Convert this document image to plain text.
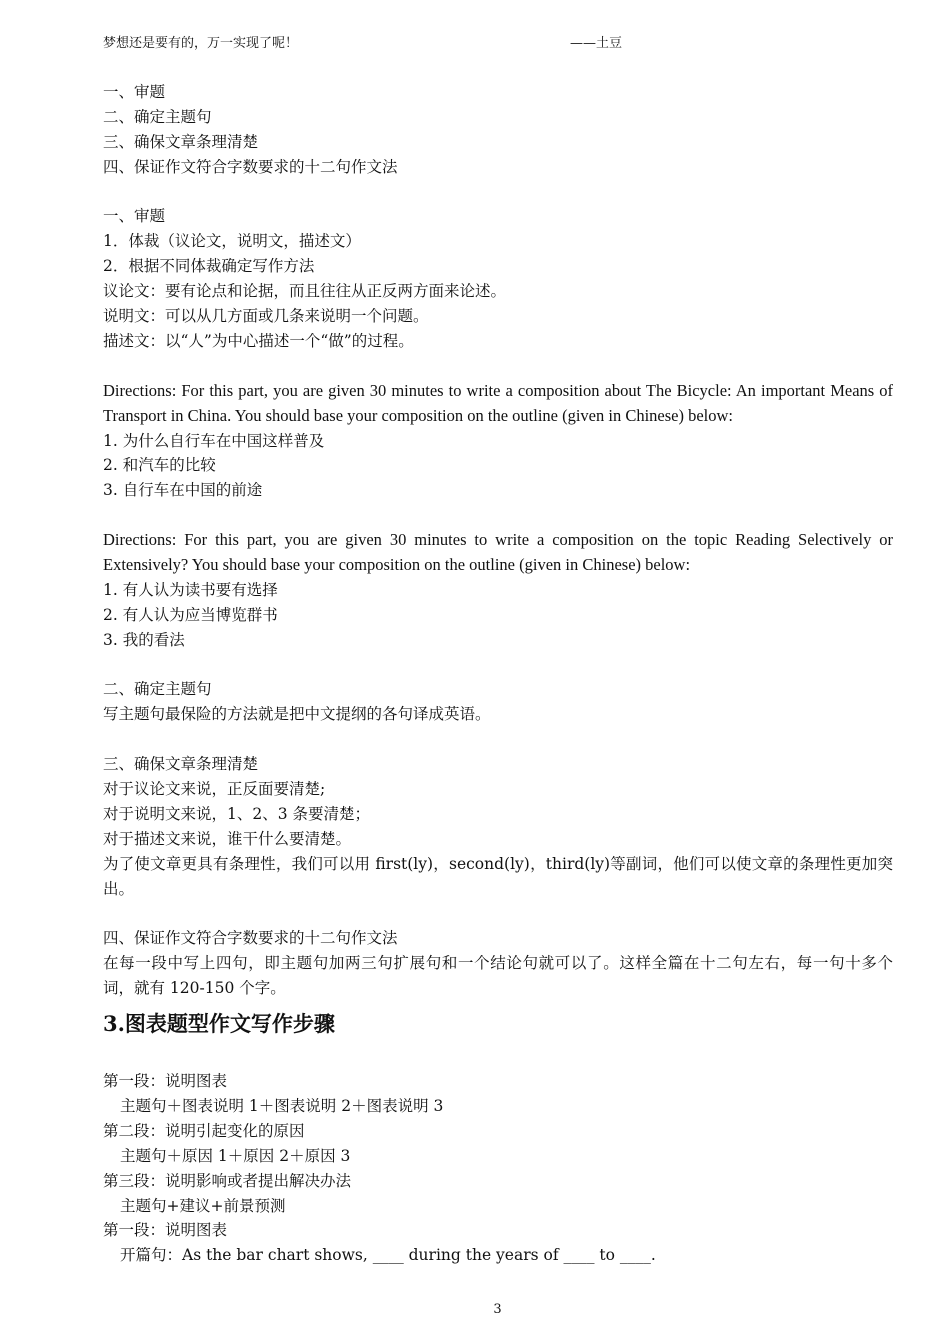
梦想还是要有的，万一实现了呢！	——土豆
一、审题
二、确定主题句
三、确保文章条理清楚
四、保证作文符合字数要求的十二句作文法
一、审题
1．体裁（议论文，说明文，描述文）
2．根据不同体裁确定写作方法
议论文：要有论点和论据，而且往往从正反两方面来论述。
说明文：可以从几方面或几条来说明一个问题。
描述文：以“人”为中心描述一个“做”的过程。
Directions: For this part, you are given 30 minutes to write a composition about The Bicycle: An important Means of Transport in China. You should base your composition on the outline (given in Chinese) below:
1. 为什么自行车在中国这样普及
2. 和汽车的比较
3. 自行车在中国的前途
Directions: For this part, you are given 30 minutes to write a composition on the topic Reading Selectively or Extensively? You should base your composition on the outline (given in Chinese) below:
1. 有人认为读书要有选择
2. 有人认为应当博览群书
3. 我的看法
二、确定主题句
写主题句最保险的方法就是把中文提纲的各句译成英语。
三、确保文章条理清楚
对于议论文来说，正反面要清楚;
对于说明文来说，1、2、3 条要清楚；
对于描述文来说，谁干什么要清楚。
为了使文章更具有条理性，我们可以用 first(ly)，second(ly)，third(ly)等副词，他们可以使文章的条理性更加突出。
四、保证作文符合字数要求的十二句作文法
在每一段中写上四句，即主题句加两三句扩展句和一个结论句就可以了。这样全篇在十二句左右，每一句十多个词，就有 120-150 个字。
3.图表题型作文写作步骤
第一段：说明图表
主题句＋图表说明 1＋图表说明 2＋图表说明 3
第二段：说明引起变化的原因
主题句＋原因 1＋原因 2＋原因 3
第三段：说明影响或者提出解决办法
主题句+建议+前景预测
第一段：说明图表
开篇句：As the bar chart shows, ____ during the years of ____ to ____.
3
